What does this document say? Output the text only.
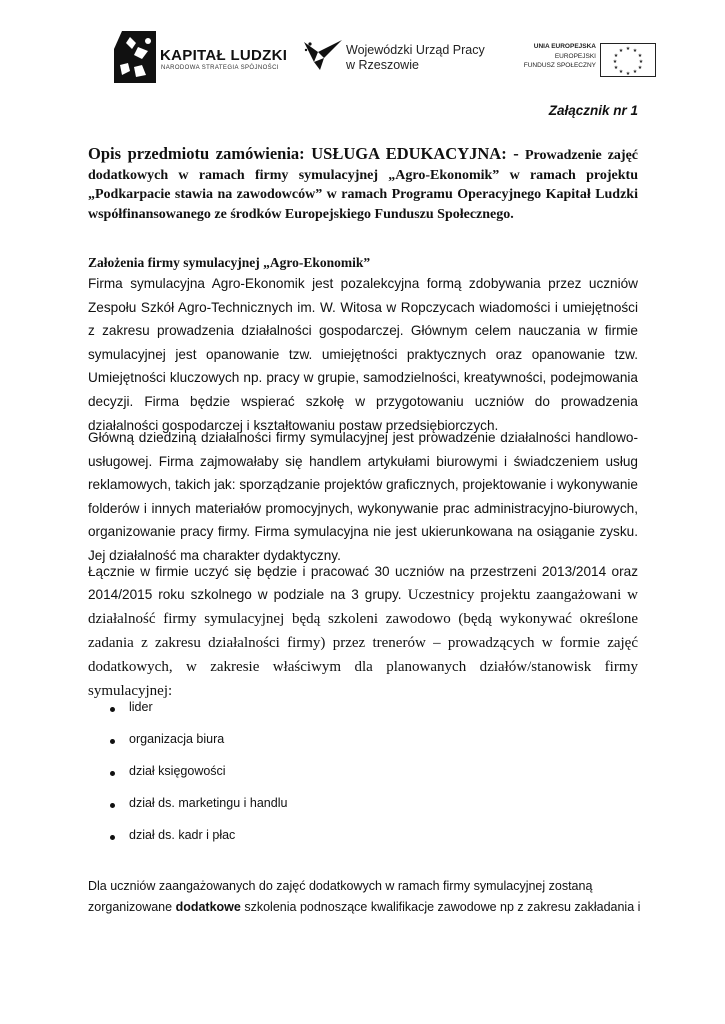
KAPITAŁ LUDZKI
NARODOWA STRATEGIA SPÓJNOŚCI
Wojewódzki Urząd Pracy
w Rzeszowie
UNIA EUROPEJSKA
EUROPEJSKI
FUNDUSZ SPOŁECZNY
★ ★
★
★
★
★
★
★
★
★
★
★
Załącznik nr 1
Opis przedmiotu zamówienia: USŁUGA EDUKACYJNA: - Prowadzenie zajęć dodatkowych w ramach firmy symulacyjnej „Agro-Ekonomik” w ramach projektu „Podkarpacie stawia na zawodowców” w ramach Programu Operacyjnego Kapitał Ludzki współfinansowanego ze środków Europejskiego Funduszu Społecznego.
Założenia firmy symulacyjnej „Agro-Ekonomik”
Firma symulacyjna Agro-Ekonomik jest pozalekcyjna formą zdobywania przez uczniów Zespołu Szkół Agro-Technicznych im. W. Witosa w Ropczycach wiadomości i umiejętności z zakresu prowadzenia działalności gospodarczej. Głównym celem nauczania w firmie symulacyjnej jest opanowanie tzw. umiejętności praktycznych oraz opanowanie tzw. Umiejętności kluczowych np. pracy w grupie, samodzielności, kreatywności, podejmowania decyzji. Firma będzie wspierać szkołę w przygotowaniu uczniów do prowadzenia działalności gospodarczej i kształtowaniu postaw przedsiębiorczych.
Główną dziedziną działalności firmy symulacyjnej jest prowadzenie działalności handlowo-usługowej. Firma zajmowałaby się handlem artykułami biurowymi i świadczeniem usług reklamowych, takich jak: sporządzanie projektów graficznych, projektowanie i wykonywanie folderów i innych materiałów promocyjnych, wykonywanie prac administracyjno-biurowych, organizowanie pracy firmy. Firma symulacyjna nie jest ukierunkowana na osiąganie zysku. Jej działalność ma charakter dydaktyczny.
Łącznie w firmie uczyć się będzie i pracować 30 uczniów na przestrzeni 2013/2014 oraz 2014/2015 roku szkolnego w podziale na 3 grupy. Uczestnicy projektu zaangażowani w działalność firmy symulacyjnej będą szkoleni zawodowo (będą wykonywać określone zadania z zakresu działalności firmy) przez trenerów – prowadzących w formie zajęć dodatkowych, w zakresie właściwym dla planowanych działów/stanowisk firmy symulacyjnej:
lider
organizacja biura
dział księgowości
dział ds. marketingu i handlu
dział ds. kadr i płac
Dla uczniów zaangażowanych do zajęć dodatkowych w ramach firmy symulacyjnej zostaną
zorganizowane dodatkowe szkolenia podnoszące kwalifikacje zawodowe np z zakresu zakładania i
